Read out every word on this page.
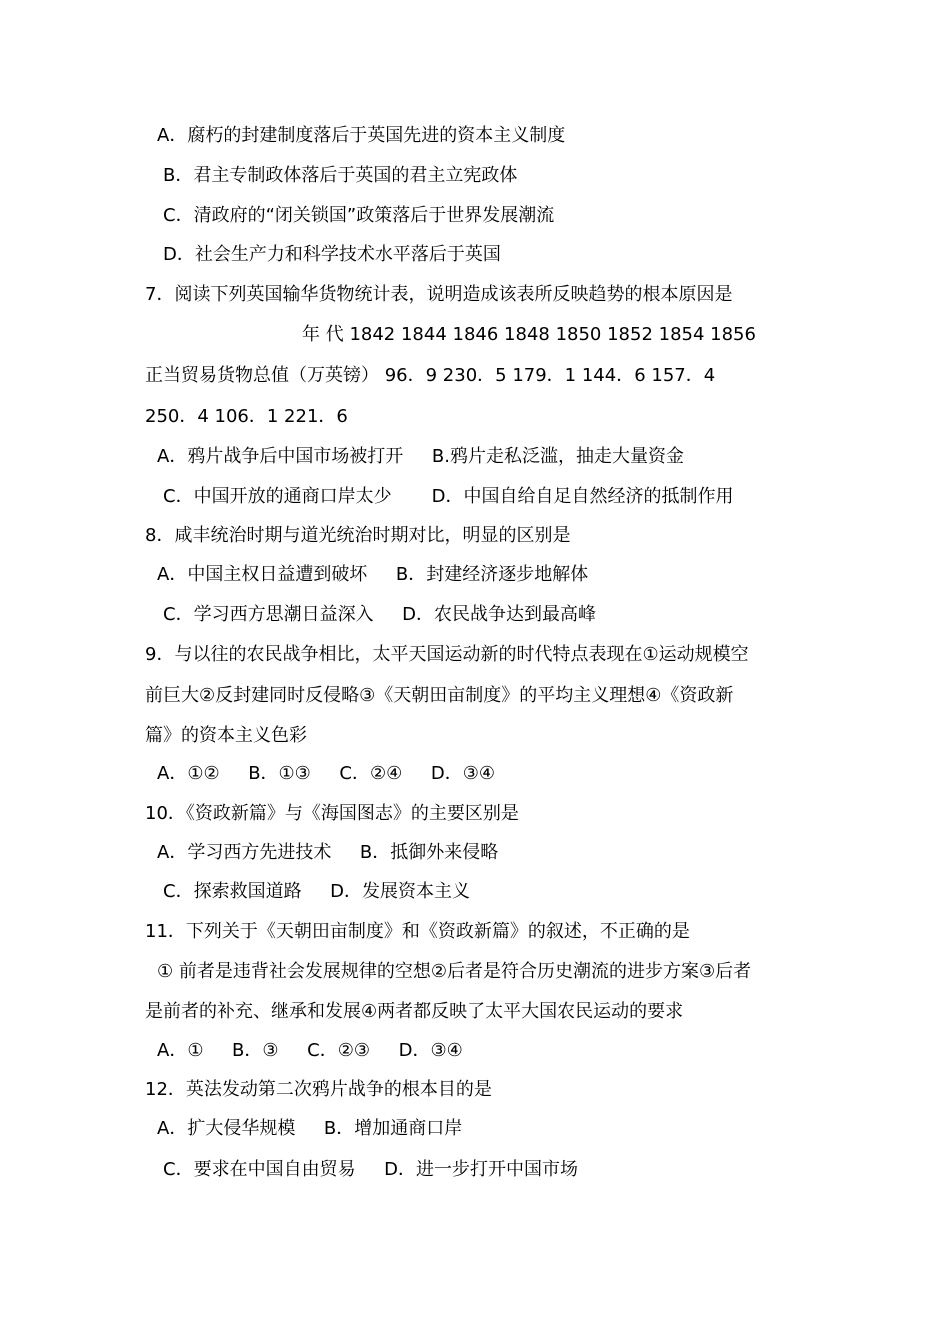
A．腐朽的封建制度落后于英国先进的资本主义制度
B．君主专制政体落后于英国的君主立宪政体
C．清政府的“闭关锁国”政策落后于世界发展潮流
D．社会生产力和科学技术水平落后于英国
7．阅读下列英国输华货物统计表，说明造成该表所反映趋势的根本原因是
年 代 1842 1844 1846 1848 1850 1852 1854 1856
正当贸易货物总值（万英镑） 96．9 230．5 179．1 144．6 157．4
250．4 106．1 221．6
A．鸦片战争后中国市场被打开     B.鸦片走私泛滥，抽走大量资金
C．中国开放的通商口岸太少       D．中国自给自足自然经济的抵制作用
8．咸丰统治时期与道光统治时期对比，明显的区别是
A．中国主权日益遭到破坏     B．封建经济逐步地解体
C．学习西方思潮日益深入     D．农民战争达到最高峰
9．与以往的农民战争相比，太平天国运动新的时代特点表现在①运动规模空
前巨大②反封建同时反侵略③《天朝田亩制度》的平均主义理想④《资政新
篇》的资本主义色彩
A．①②     B．①③     C．②④     D．③④
10．《资政新篇》与《海国图志》的主要区别是
A．学习西方先进技术     B．抵御外来侵略
C．探索救国道路     D．发展资本主义
11．下列关于《天朝田亩制度》和《资政新篇》的叙述，不正确的是
① 前者是违背社会发展规律的空想②后者是符合历史潮流的进步方案③后者
是前者的补充、继承和发展④两者都反映了太平大国农民运动的要求
A．①     B．③     C．②③     D．③④
12．英法发动第二次鸦片战争的根本目的是
A．扩大侵华规模     B．增加通商口岸
C．要求在中国自由贸易     D．进一步打开中国市场
